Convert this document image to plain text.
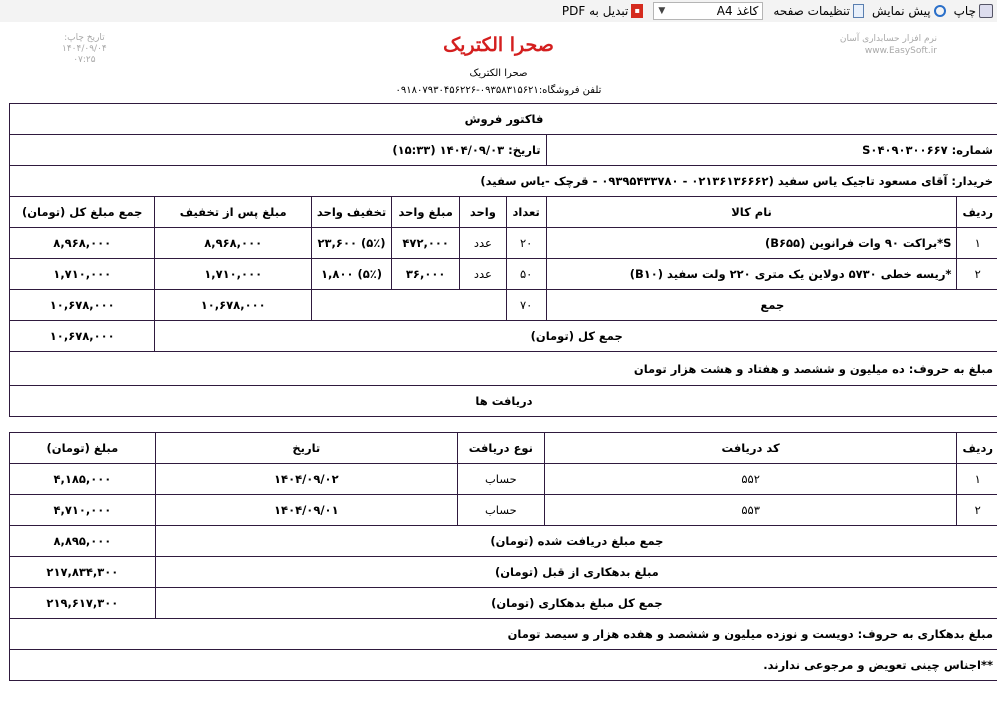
چاپ
پیش نمایش
تنظیمات صفحه
کاغذ A4
▼
▪
تبدیل به PDF
نرم افزار حسابداری آسان
www.EasySoft.ir
صحرا الکتریک
تاریخ چاپ:
۱۴۰۴/۰۹/۰۴
۰۷:۲۵
صحرا الکتریک
تلفن فروشگاه:۰۹۳۵۸۳۱۵۶۲۱-۰۹۱۸۰۷۹۳۰۴۵۶۲۲۶
فاکتور فروش							
شماره: S۰۴۰۹۰۳۰۰۶۶۷		تاریخ: ۱۴۰۴/۰۹/۰۳ (۱۵:۳۳)					
خریدار: آقای مسعود تاجیک یاس سفید (۰۲۱۳۶۱۳۶۶۶۲ - ۰۹۳۹۵۴۳۳۷۸۰ - قرچک -یاس سفید)							
ردیف	نام کالا	تعداد	واحد	مبلغ واحد	تخفیف واحد	مبلغ پس از تخفیف	جمع مبلغ کل (تومان)
۱	S*براکت ۹۰ وات فرانوین (B۶۵۵)	۲۰	عدد	۴۷۲,۰۰۰	(۵٪) ۲۳,۶۰۰	۸,۹۶۸,۰۰۰	۸,۹۶۸,۰۰۰
۲	*ریسه خطی ۵۷۳۰ دولاین یک متری ۲۲۰ ولت سفید (B۱۰)	۵۰	عدد	۳۶,۰۰۰	(۵٪) ۱,۸۰۰	۱,۷۱۰,۰۰۰	۱,۷۱۰,۰۰۰
جمع		۷۰				۱۰,۶۷۸,۰۰۰	۱۰,۶۷۸,۰۰۰
جمع کل (تومان)							۱۰,۶۷۸,۰۰۰
مبلغ به حروف: ده میلیون و ششصد و هفتاد و هشت هزار تومان							
دریافت ها							
ردیف	کد دریافت	نوع دریافت	تاریخ	مبلغ (تومان)
۱	۵۵۲	حساب	۱۴۰۴/۰۹/۰۲	۴,۱۸۵,۰۰۰
۲	۵۵۳	حساب	۱۴۰۴/۰۹/۰۱	۴,۷۱۰,۰۰۰
جمع مبلغ دریافت شده (تومان)				۸,۸۹۵,۰۰۰
مبلغ بدهکاری از قبل (تومان)				۲۱۷,۸۳۴,۳۰۰
جمع کل مبلغ بدهکاری (تومان)				۲۱۹,۶۱۷,۳۰۰
مبلغ بدهکاری به حروف: دویست و نوزده میلیون و ششصد و هفده هزار و سیصد تومان				
**اجناس چینی تعویض و مرجوعی ندارند.				
